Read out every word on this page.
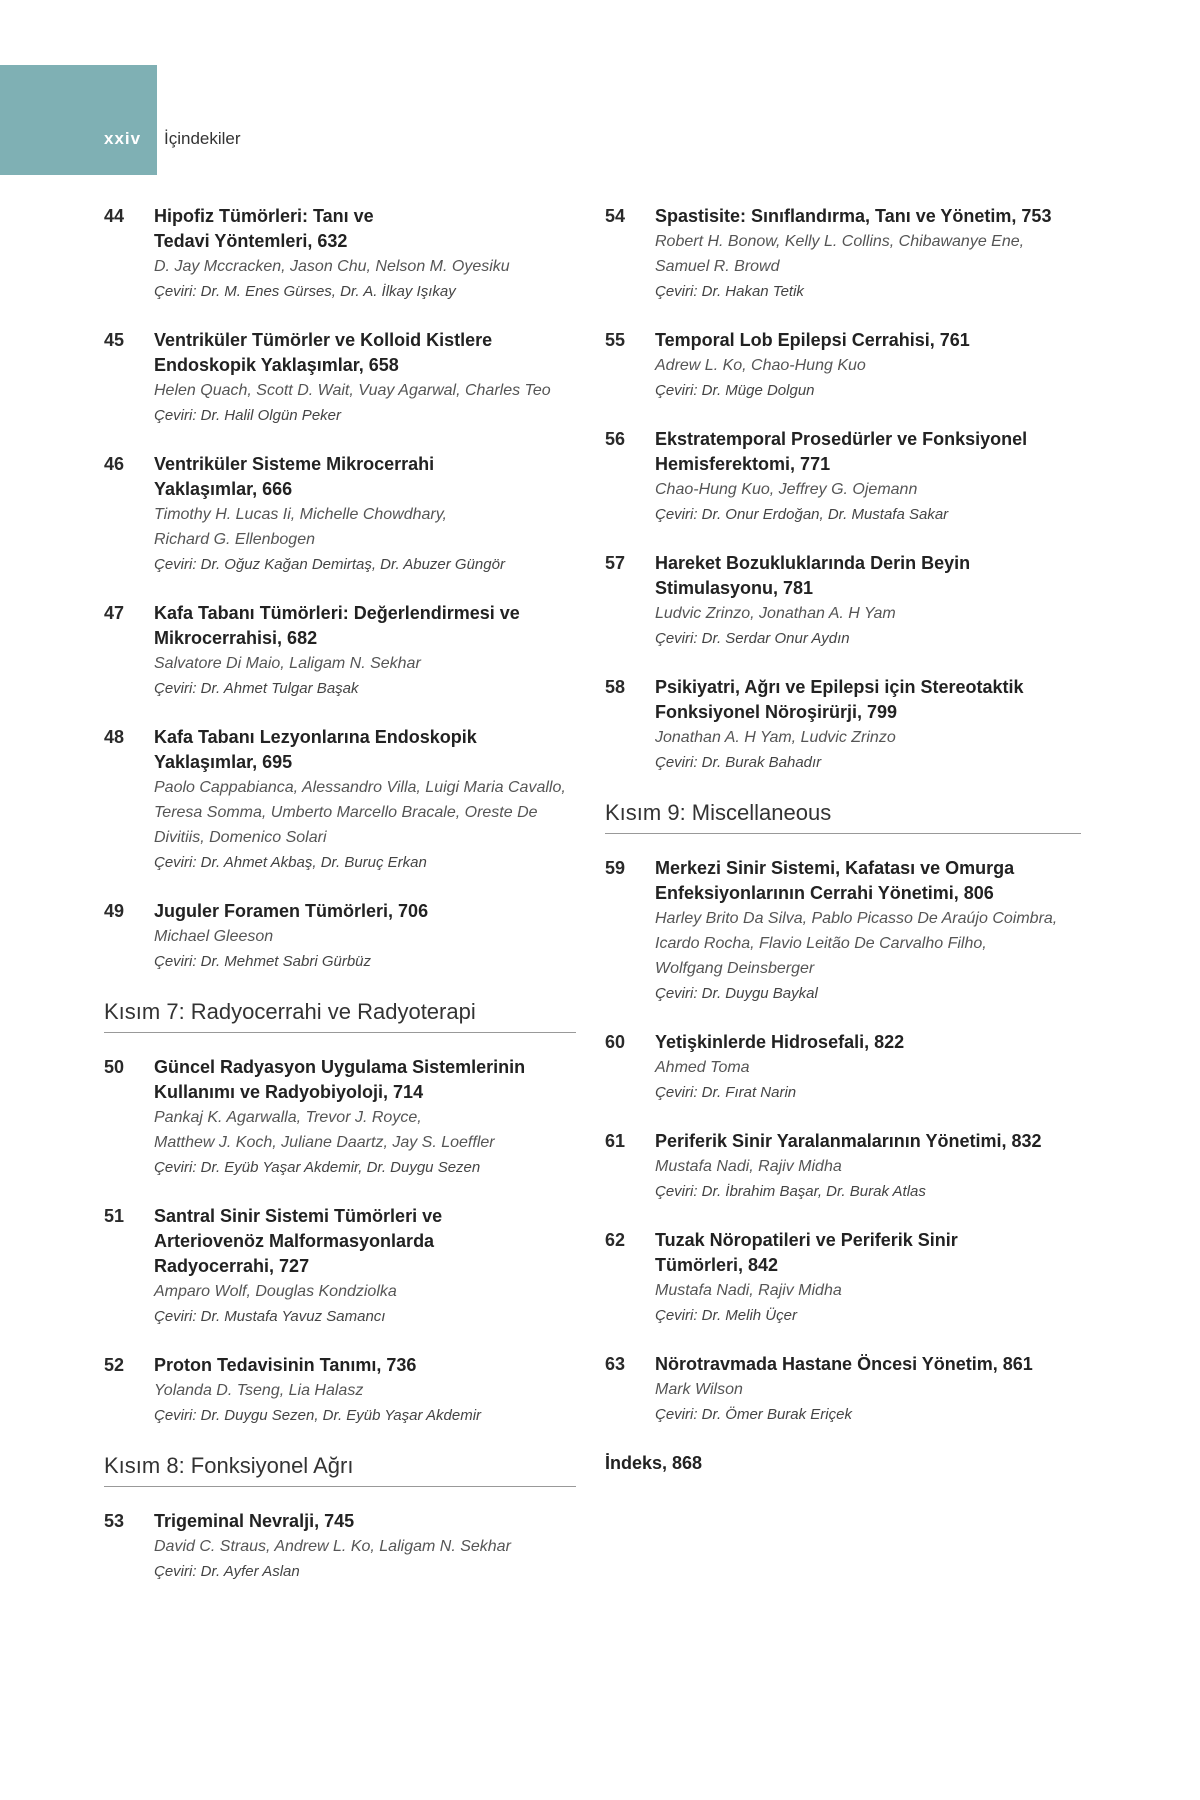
xxiv İçindekiler
44	Hipofiz Tümörleri: Tanı ve
Tedavi Yöntemleri, 632
D. Jay Mccracken, Jason Chu, Nelson M. Oyesiku
Çeviri: Dr. M. Enes Gürses, Dr. A. İlkay Işıkay
45	Ventriküler Tümörler ve Kolloid Kistlere
Endoskopik Yaklaşımlar, 658
Helen Quach, Scott D. Wait, Vuay Agarwal, Charles Teo
Çeviri: Dr. Halil Olgün Peker
46	Ventriküler Sisteme Mikrocerrahi
Yaklaşımlar, 666
Timothy H. Lucas Ii, Michelle Chowdhary,
Richard G. Ellenbogen
Çeviri: Dr. Oğuz Kağan Demirtaş, Dr. Abuzer Güngör
47	Kafa Tabanı Tümörleri: Değerlendirmesi ve
Mikrocerrahisi, 682
Salvatore Di Maio, Laligam N. Sekhar
Çeviri: Dr. Ahmet Tulgar Başak
48	Kafa Tabanı Lezyonlarına Endoskopik
Yaklaşımlar, 695
Paolo Cappabianca, Alessandro Villa, Luigi Maria Cavallo,
Teresa Somma, Umberto Marcello Bracale, Oreste De
Divitiis, Domenico Solari
Çeviri: Dr. Ahmet Akbaş, Dr. Buruç Erkan
49	Juguler Foramen Tümörleri, 706
Michael Gleeson
Çeviri: Dr. Mehmet Sabri Gürbüz
Kısım 7: Radyocerrahi ve Radyoterapi
50	Güncel Radyasyon Uygulama Sistemlerinin
Kullanımı ve Radyobiyoloji, 714
Pankaj K. Agarwalla, Trevor J. Royce,
Matthew J. Koch, Juliane Daartz, Jay S. Loeffler
Çeviri: Dr. Eyüb Yaşar Akdemir, Dr. Duygu Sezen
51	Santral Sinir Sistemi Tümörleri ve
Arteriovenöz Malformasyonlarda
Radyocerrahi, 727
Amparo Wolf, Douglas Kondziolka
Çeviri: Dr. Mustafa Yavuz Samancı
52	Proton Tedavisinin Tanımı, 736
Yolanda D. Tseng, Lia Halasz
Çeviri: Dr. Duygu Sezen, Dr. Eyüb Yaşar Akdemir
Kısım 8: Fonksiyonel Ağrı
53	Trigeminal Nevralji, 745
David C. Straus, Andrew L. Ko, Laligam N. Sekhar
Çeviri: Dr. Ayfer Aslan
54	Spastisite: Sınıflandırma, Tanı ve Yönetim, 753
Robert H. Bonow, Kelly L. Collins, Chibawanye Ene,
Samuel R. Browd
Çeviri: Dr. Hakan Tetik
55	Temporal Lob Epilepsi Cerrahisi, 761
Adrew L. Ko, Chao-Hung Kuo
Çeviri: Dr. Müge Dolgun
56	Ekstratemporal Prosedürler ve Fonksiyonel
Hemisferektomi, 771
Chao-Hung Kuo, Jeffrey G. Ojemann
Çeviri: Dr. Onur Erdoğan, Dr. Mustafa Sakar
57	Hareket Bozukluklarında Derin Beyin
Stimulasyonu, 781
Ludvic Zrinzo, Jonathan A. H Yam
Çeviri: Dr. Serdar Onur Aydın
58	Psikiyatri, Ağrı ve Epilepsi için Stereotaktik
Fonksiyonel Nöroşirürji, 799
Jonathan A. H Yam, Ludvic Zrinzo
Çeviri: Dr. Burak Bahadır
Kısım 9: Miscellaneous
59	Merkezi Sinir Sistemi, Kafatası ve Omurga
Enfeksiyonlarının Cerrahi Yönetimi, 806
Harley Brito Da Silva, Pablo Picasso De Araújo Coimbra,
Icardo Rocha, Flavio Leitão De Carvalho Filho,
Wolfgang Deinsberger
Çeviri: Dr. Duygu Baykal
60	Yetişkinlerde Hidrosefali, 822
Ahmed Toma
Çeviri: Dr. Fırat Narin
61	Periferik Sinir Yaralanmalarının Yönetimi, 832
Mustafa Nadi, Rajiv Midha
Çeviri: Dr. İbrahim Başar, Dr. Burak Atlas
62	Tuzak Nöropatileri ve Periferik Sinir
Tümörleri, 842
Mustafa Nadi, Rajiv Midha
Çeviri: Dr. Melih Üçer
63	Nörotravmada Hastane Öncesi Yönetim, 861
Mark Wilson
Çeviri: Dr. Ömer Burak Eriçek
İndeks, 868
